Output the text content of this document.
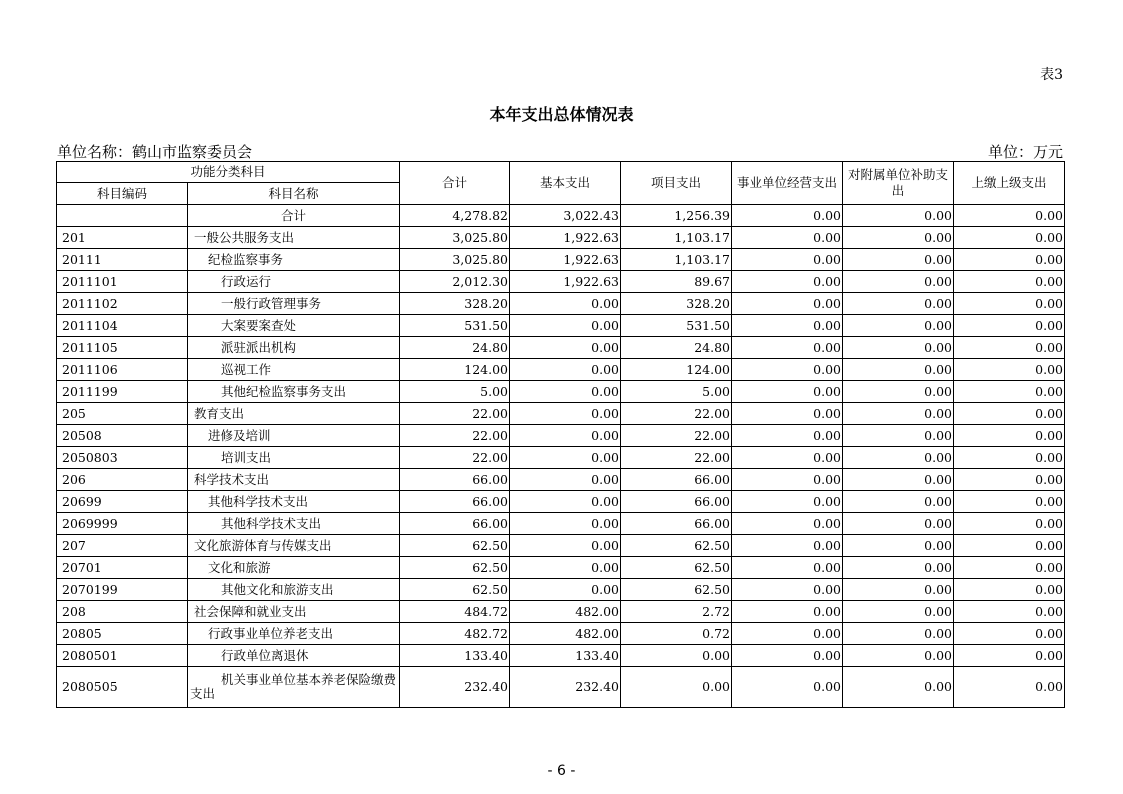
表3
本年支出总体情况表
单位名称：鹤山市监察委员会	单位：万元
功能分类科目		合计	基本支出	项目支出	事业单位经营支出	对附属单位补助支出	上缴上级支出
科目编码	科目名称						
	合计	4,278.82	3,022.43	1,256.39	0.00	0.00	0.00
201	一般公共服务支出	3,025.80	1,922.63	1,103.17	0.00	0.00	0.00
20111	纪检监察事务	3,025.80	1,922.63	1,103.17	0.00	0.00	0.00
2011101	行政运行	2,012.30	1,922.63	89.67	0.00	0.00	0.00
2011102	一般行政管理事务	328.20	0.00	328.20	0.00	0.00	0.00
2011104	大案要案查处	531.50	0.00	531.50	0.00	0.00	0.00
2011105	派驻派出机构	24.80	0.00	24.80	0.00	0.00	0.00
2011106	巡视工作	124.00	0.00	124.00	0.00	0.00	0.00
2011199	其他纪检监察事务支出	5.00	0.00	5.00	0.00	0.00	0.00
205	教育支出	22.00	0.00	22.00	0.00	0.00	0.00
20508	进修及培训	22.00	0.00	22.00	0.00	0.00	0.00
2050803	培训支出	22.00	0.00	22.00	0.00	0.00	0.00
206	科学技术支出	66.00	0.00	66.00	0.00	0.00	0.00
20699	其他科学技术支出	66.00	0.00	66.00	0.00	0.00	0.00
2069999	其他科学技术支出	66.00	0.00	66.00	0.00	0.00	0.00
207	文化旅游体育与传媒支出	62.50	0.00	62.50	0.00	0.00	0.00
20701	文化和旅游	62.50	0.00	62.50	0.00	0.00	0.00
2070199	其他文化和旅游支出	62.50	0.00	62.50	0.00	0.00	0.00
208	社会保障和就业支出	484.72	482.00	2.72	0.00	0.00	0.00
20805	行政事业单位养老支出	482.72	482.00	0.72	0.00	0.00	0.00
2080501	行政单位离退休	133.40	133.40	0.00	0.00	0.00	0.00
2080505	机关事业单位基本养老保险缴费支出	232.40	232.40	0.00	0.00	0.00	0.00
- 6 -
